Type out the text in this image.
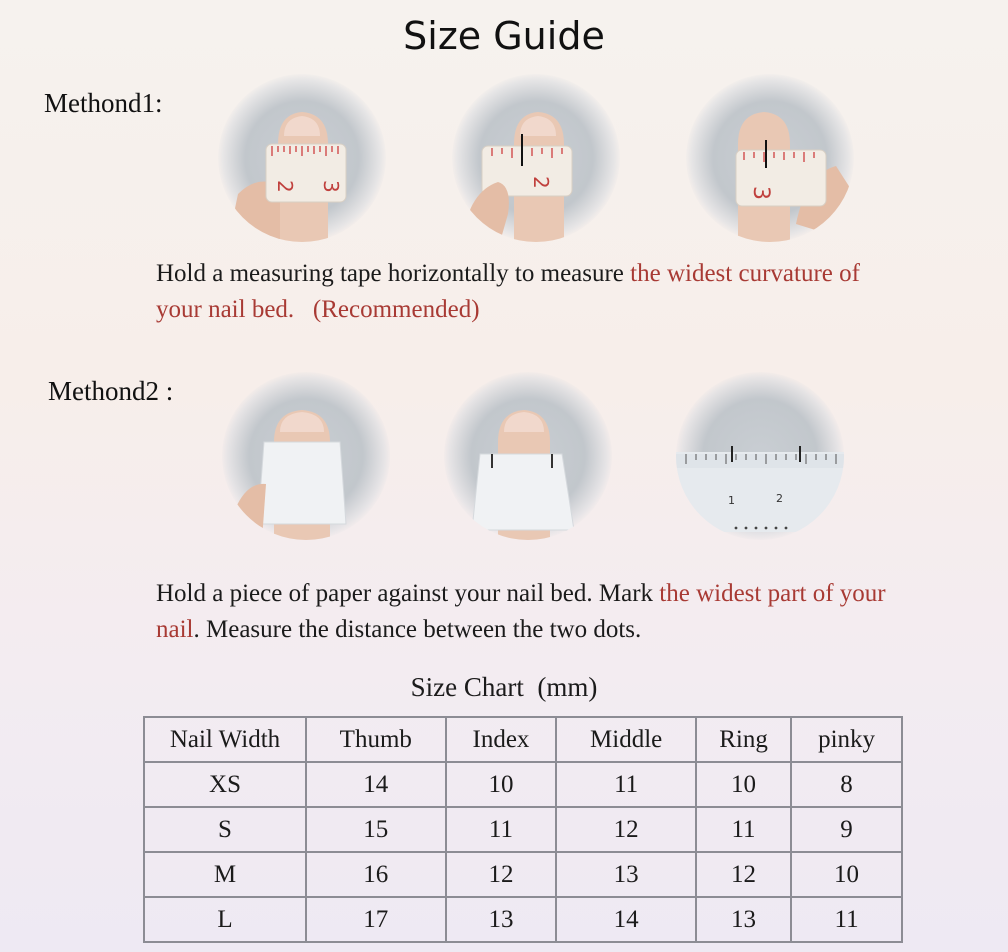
Size Guide
Methond1:
2 3	2
3
Hold a measuring tape horizontally to measure the widest curvature of your nail bed. (Recommended)
Methond2 :
1	2
Hold a piece of paper against your nail bed. Mark the widest part of your nail. Measure the distance between the two dots.
Size Chart  (mm)
Nail Width	Thumb	Index	Middle	Ring	pinky
XS	14	10	11	10	8
S	15	11	12	11	9
M	16	12	13	12	10
L	17	13	14	13	11
